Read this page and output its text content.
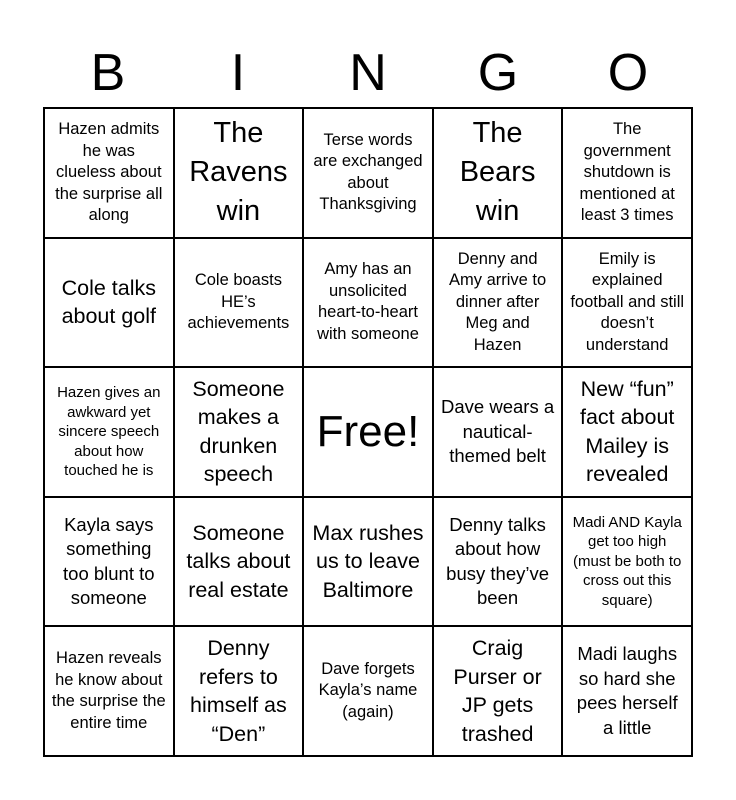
B	I	N	G	O
Hazen admits he was clueless about the surprise all along
The Ravens win
Terse words are exchanged about Thanksgiving
The Bears win
The government shutdown is mentioned at least 3 times
Cole talks about golf
Cole boasts HE’s achievements
Amy has an unsolicited heart-to-heart with someone
Denny and Amy arrive to dinner after Meg and Hazen
Emily is explained football and still doesn’t understand
Hazen gives an awkward yet sincere speech about how touched he is
Someone makes a drunken speech
Free!
Dave wears a nautical-themed belt
New “fun” fact about Mailey is revealed
Kayla says something too blunt to someone
Someone talks about real estate
Max rushes us to leave Baltimore
Denny talks about how busy they’ve been
Madi AND Kayla get too high (must be both to cross out this square)
Hazen reveals he know about the surprise the entire time
Denny refers to himself as “Den”
Dave forgets Kayla’s name (again)
Craig Purser or JP gets trashed
Madi laughs so hard she pees herself a little
